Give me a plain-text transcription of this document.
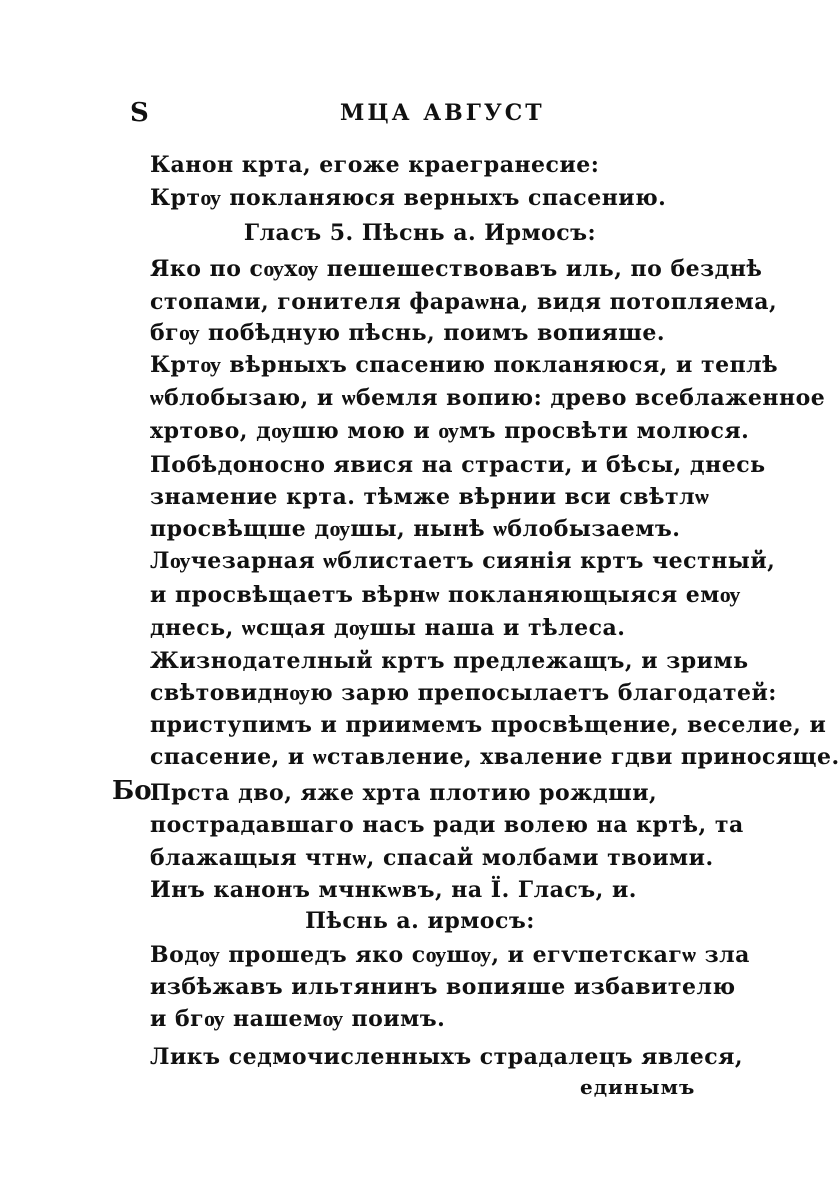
Ѕ	МЦА АВГУСТ
Канон крта, егоже краегранесие:
Кртѹ покланяюся верныхъ спасению.
Гласъ 5. Пѣснь а. Ирмосъ:
Яко по сѹхѹ пешешествовавъ иль, по безднѣ
стопами, гонителя фараѡна, видя потопляема,
бгѹ побѣдную пѣснь, поимъ вопияше.
Кртѹ вѣрныхъ спасению покланяюся, и теплѣ
ѡблобызаю, и ѡбемля вопию: древо всеблаженное
хртово, дѹшю мою и ѹмъ просвѣти молюся.
Побѣдоносно явися на страсти, и бѣсы, днесь
знамение крта. тѣмже вѣрнии вси свѣтлѡ
просвѣщше дѹшы, нынѣ ѡблобызаемъ.
Лѹчезарная ѡблистаетъ сиянія кртъ честный,
и просвѣщаетъ вѣрнѡ покланяющыяся емѹ
днесь, ѡсщая дѹшы наша и тѣлеса.
Жизнодателный кртъ предлежащъ, и зримь
свѣтовиднѹю зарю препосылаетъ благодатей:
приступимъ и приимемъ просвѣщение, веселие, и
спасение, и ѡставление, хваление гдви приносяще.
Бо
Прста дво, яже хрта плотию рождши,
пострадавшаго насъ ради волею на кртѣ, та
блажащыя чтнѡ, спасай молбами твоими.
Инъ канонъ мчнкѡвъ, на Ї. Гласъ, и.
Пѣснь а. ирмосъ:
Водѹ прошедъ яко сѹшѹ, и егѵпетскагѡ зла
избѣжавъ ильтянинъ вопияше избавителю
и бгѹ нашемѹ поимъ.
Ликъ седмочисленныхъ страдалецъ явлеся,
единымъ
